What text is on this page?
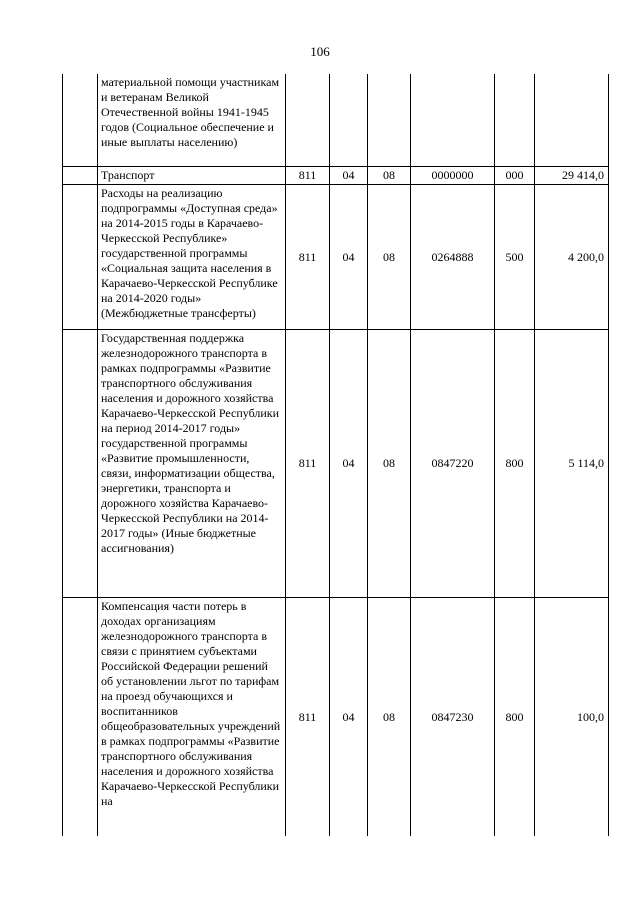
106
	материальной помощи участникам и ветеранам Великой Отечественной войны 1941-1945 годов (Социальное обеспечение и иные выплаты населению)						
	Транспорт	811	04	08	0000000	000	29 414,0
	Расходы на реализацию подпрограммы «Доступная среда» на 2014-2015 годы в Карачаево-Черкесской Республике» государственной программы «Социальная защита населения в Карачаево-Черкесской Республике на 2014-2020 годы» (Межбюджетные трансферты)	811	04	08	0264888	500	4 200,0
	Государственная поддержка железнодорожного транспорта в рамках подпрограммы «Развитие транспортного обслуживания населения и дорожного хозяйства Карачаево-Черкесской Республики на период 2014-2017 годы» государственной программы «Развитие промышленности, связи, информатизации общества, энергетики, транспорта и дорожного хозяйства Карачаево-Черкесской Республики на 2014-2017 годы» (Иные бюджетные ассигнования)	811	04	08	0847220	800	5 114,0
	Компенсация части потерь в доходах организациям железнодорожного транспорта в связи с принятием субъектами Российской Федерации решений об установлении льгот по тарифам на проезд обучающихся и воспитанников общеобразовательных учреждений в рамках подпрограммы «Развитие транспортного обслуживания населения и дорожного хозяйства Карачаево-Черкесской Республики на	811	04	08	0847230	800	100,0
